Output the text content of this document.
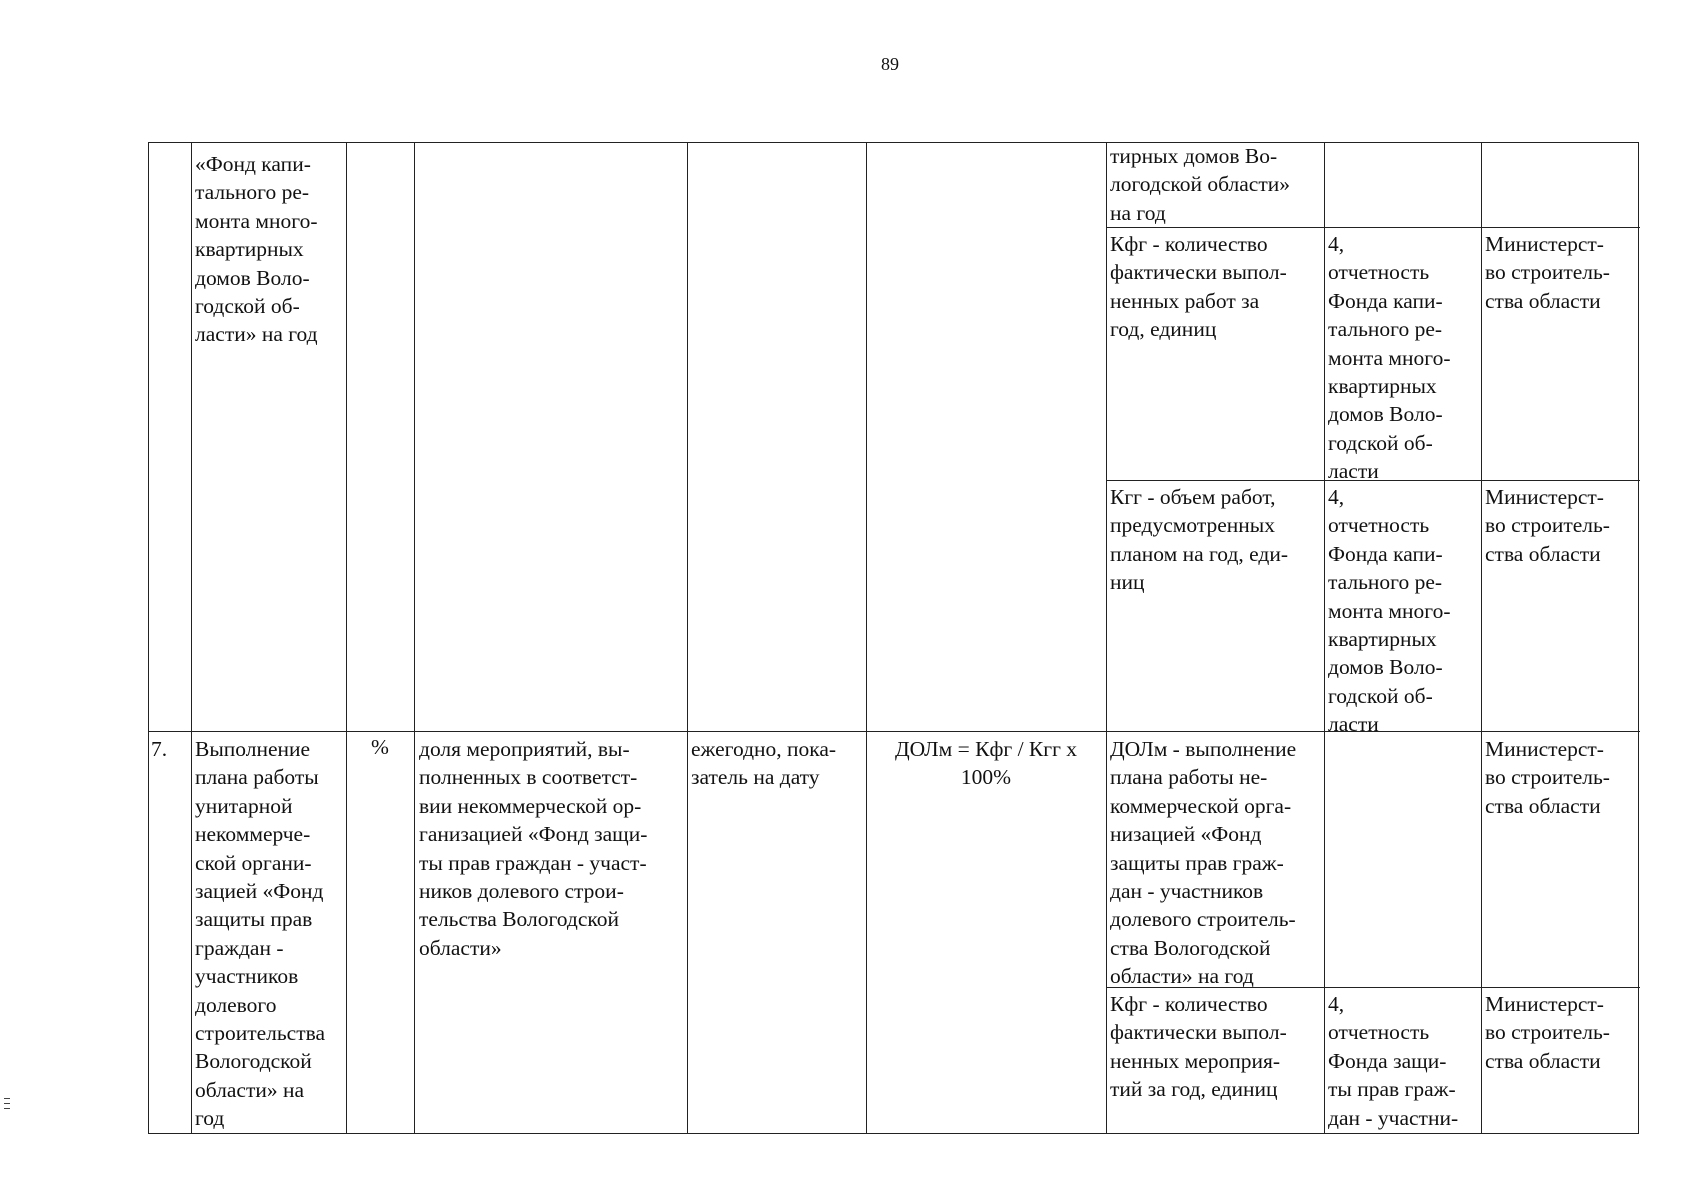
89
«Фонд капи-
тального ре-
монта много-
квартирных
домов Воло-
годской об-
ласти» на год
тирных домов Во-
логодской области»
на год
Кфг - количество
фактически выпол-
ненных работ за
год, единиц
4,
отчетность
Фонда капи-
тального ре-
монта много-
квартирных
домов Воло-
годской об-
ласти
Министерст-
во строитель-
ства области
Кгг - объем работ,
предусмотренных
планом на год, еди-
ниц
4,
отчетность
Фонда капи-
тального ре-
монта много-
квартирных
домов Воло-
годской об-
ласти
Министерст-
во строитель-
ства области
7.	Выполнение
плана работы
унитарной
некоммерче-
ской органи-
зацией «Фонд
защиты прав
граждан -
участников
долевого
строительства
Вологодской
области» на
год
%	доля мероприятий, вы-
полненных в соответст-
вии некоммерческой ор-
ганизацией «Фонд защи-
ты прав граждан - участ-
ников долевого строи-
тельства Вологодской
области»
ежегодно, пока-
затель на дату
ДОЛм = Кфг / Кгг х
100%
ДОЛм - выполнение
плана работы не-
коммерческой орга-
низацией «Фонд
защиты прав граж-
дан - участников
долевого строитель-
ства Вологодской
области» на год
Министерст-
во строитель-
ства области
Кфг - количество
фактически выпол-
ненных мероприя-
тий за год, единиц
4,
отчетность
Фонда защи-
ты прав граж-
дан - участни-
Министерст-
во строитель-
ства области
